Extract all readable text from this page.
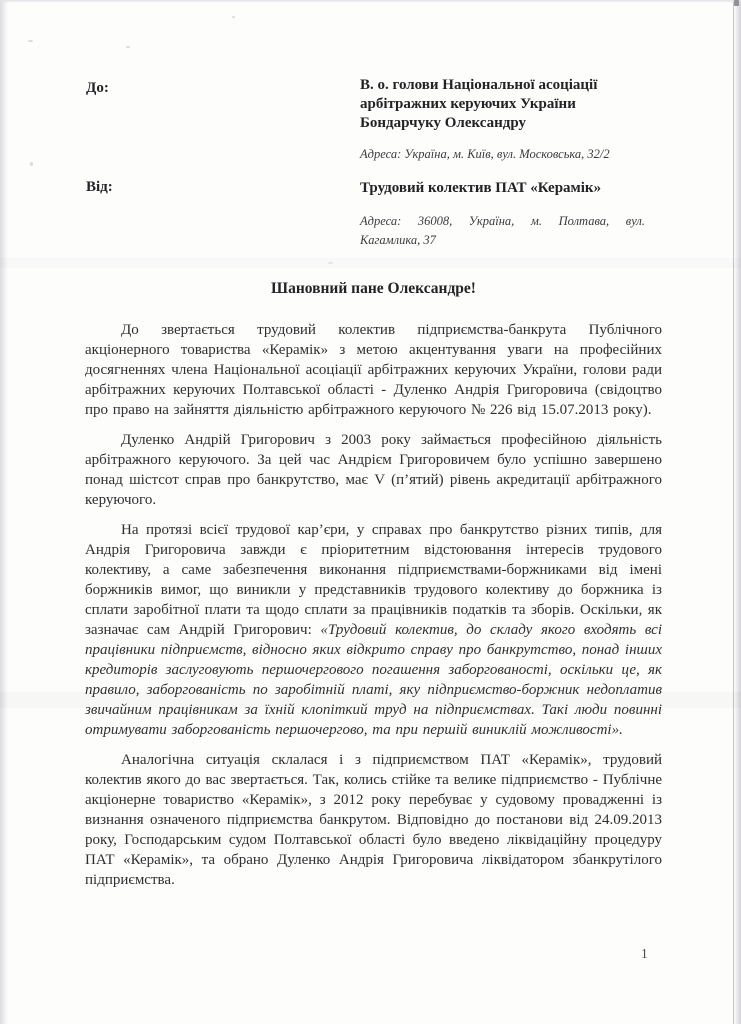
До:	В. о. голови Національної асоціації
арбітражних керуючих України
Бондарчуку Олександру
Адреса: Україна, м. Київ, вул. Московська, 32/2
Від:	Трудовий колектив ПАТ «Керамік»
Адреса: 36008, Україна, м. Полтава, вул.
Кагамлика, 37
Шановний пане Олександре!

До звертається трудовий колектив підприємства-банкрута Публічного акціонерного товариства «Керамік» з метою акцентування уваги на професійних досягненнях члена Національної асоціації арбітражних керуючих України, голови ради арбітражних керуючих Полтавської області - Дуленко Андрія Григоровича (свідоцтво про право на зайняття діяльністю арбітражного керуючого № 226 від 15.07.2013 року).

Дуленко Андрій Григорович з 2003 року займається професійною діяльність арбітражного керуючого. За цей час Андрієм Григоровичем було успішно завершено понад шістсот справ про банкрутство, має V (п’ятий) рівень акредитації арбітражного керуючого.

На протязі всієї трудової кар’єри, у справах про банкрутство різних типів, для Андрія Григоровича завжди є пріоритетним відстоювання інтересів трудового колективу, а саме забезпечення виконання підприємствами-боржниками від імені боржників вимог, що виникли у представників трудового колективу до боржника із сплати заробітної плати та щодо сплати за працівників податків та зборів. Оскільки, як зазначає сам Андрій Григорович: «Трудовий колектив, до складу якого входять всі працівники підприємств, відносно яких відкрито справу про банкрутство, понад інших кредиторів заслуговують першочергового погашення заборгованості, оскільки це, як правило, заборгованість по заробітній платі, яку підприємство-боржник недоплатив звичайним працівникам за їхній клопіткий труд на підприємствах. Такі люди повинні отримувати заборгованість першочергово, та при першій виниклій можливості».

Аналогічна ситуація склалася і з підприємством ПАТ «Керамік», трудовий колектив якого до вас звертається. Так, колись стійке та велике підприємство - Публічне акціонерне товариство «Керамік», з 2012 року перебуває у судовому провадженні із визнання означеного підприємства банкрутом. Відповідно до постанови від 24.09.2013 року, Господарським судом Полтавської області було введено ліквідаційну процедуру ПАТ «Керамік», та обрано Дуленко Андрія Григоровича ліквідатором збанкрутілого підприємства.

1
